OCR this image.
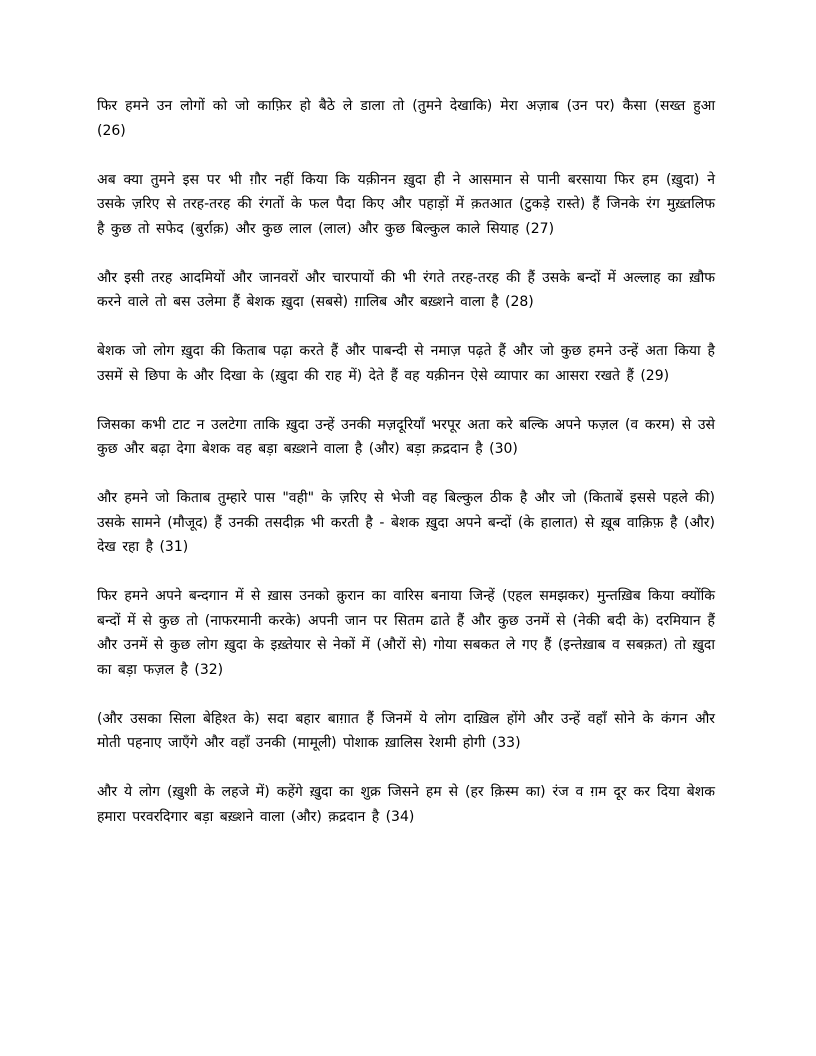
फिर हमने उन लोगों को जो काफ़िर हो बैठे ले डाला तो (तुमने देखाकि) मेरा अज़ाब (उन पर) कैसा (सख्त हुआ (26)

अब क्या तुमने इस पर भी ग़ौर नहीं किया कि यक़ीनन ख़ुदा ही ने आसमान से पानी बरसाया फिर हम (ख़ुदा) ने उसके ज़रिए से तरह-तरह की रंगतों के फल पैदा किए और पहाड़ों में क़तआत (टुकड़े रास्ते) हैं जिनके रंग मुख़्तलिफ है कुछ तो सफेद (बुर्राक़) और कुछ लाल (लाल) और कुछ बिल्कुल काले सियाह (27)

और इसी तरह आदमियों और जानवरों और चारपायों की भी रंगते तरह-तरह की हैं उसके बन्दों में अल्लाह का ख़ौफ करने वाले तो बस उलेमा हैं बेशक ख़ुदा (सबसे) ग़ालिब और बख़्शने वाला है (28)

बेशक जो लोग ख़ुदा की किताब पढ़ा करते हैं और पाबन्दी से नमाज़ पढ़ते हैं और जो कुछ हमने उन्हें अता किया है उसमें से छिपा के और दिखा के (ख़ुदा की राह में) देते हैं वह यक़ीनन ऐसे व्यापार का आसरा रखते हैं (29)

जिसका कभी टाट न उलटेगा ताकि ख़ुदा उन्हें उनकी मज़दूरियाँ भरपूर अता करे बल्कि अपने फज़ल (व करम) से उसे कुछ और बढ़ा देगा बेशक वह बड़ा बख़्शने वाला है (और) बड़ा क़द्रदान है (30)

और हमने जो किताब तुम्हारे पास "वही" के ज़रिए से भेजी वह बिल्कुल ठीक है और जो (किताबें इससे पहले की) उसके सामने (मौजूद) हैं उनकी तसदीक़ भी करती है - बेशक ख़ुदा अपने बन्दों (के हालात) से ख़ूब वाक़िफ़ है (और) देख रहा है (31)

फिर हमने अपने बन्दगान में से ख़ास उनको क़ुरान का वारिस बनाया जिन्हें (एहल समझकर) मुन्तख़िब किया क्योंकि बन्दों में से कुछ तो (नाफरमानी करके) अपनी जान पर सितम ढाते हैं और कुछ उनमें से (नेकी बदी के) दरमियान हैं और उनमें से कुछ लोग ख़ुदा के इख़्तेयार से नेकों में (औरों से) गोया सबकत ले गए हैं (इन्तेख़ाब व सबक़त) तो ख़ुदा का बड़ा फज़ल है (32)

(और उसका सिला बेहिश्त के) सदा बहार बाग़ात हैं जिनमें ये लोग दाख़िल होंगे और उन्हें वहाँ सोने के कंगन और मोती पहनाए जाएँगे और वहाँ उनकी (मामूली) पोशाक ख़ालिस रेशमी होगी (33)

और ये लोग (ख़ुशी के लहजे में) कहेंगे ख़ुदा का शुक्र जिसने हम से (हर क़िस्म का) रंज व ग़म दूर कर दिया बेशक हमारा परवरदिगार बड़ा बख़्शने वाला (और) क़द्रदान है (34)
